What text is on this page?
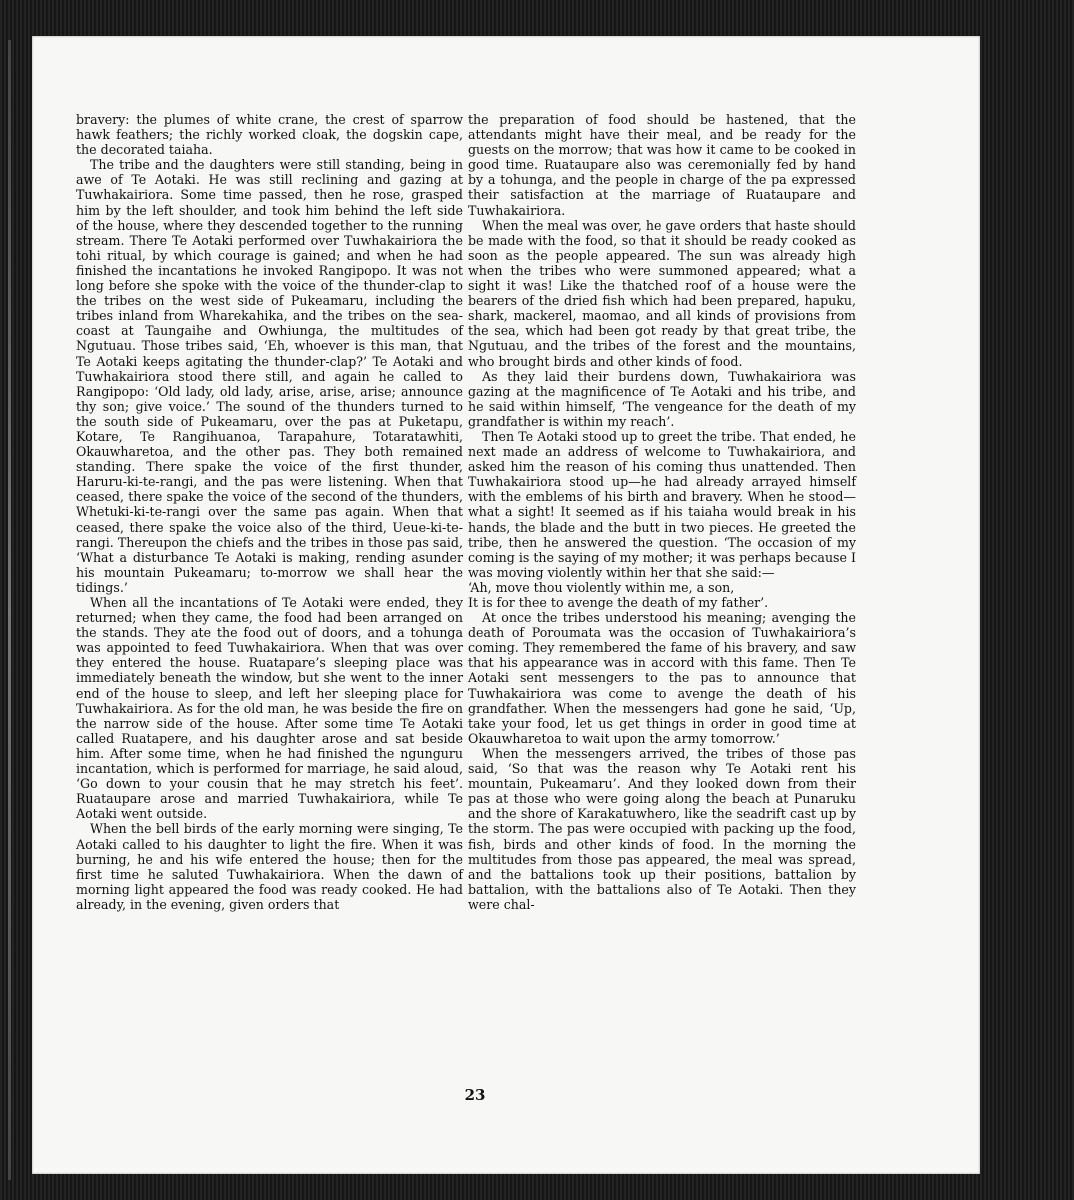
bravery: the plumes of white crane, the crest of sparrow hawk feathers; the richly worked cloak, the dogskin cape, the decorated taiaha.

The tribe and the daughters were still standing, being in awe of Te Aotaki. He was still reclining and gazing at Tuwhakairiora. Some time passed, then he rose, grasped him by the left shoulder, and took him behind the left side of the house, where they descended together to the running stream. There Te Aotaki performed over Tuwhakairiora the tohi ritual, by which courage is gained; and when he had finished the incantations he invoked Rangipopo. It was not long before she spoke with the voice of the thunder-clap to the tribes on the west side of Pukeamaru, including the tribes inland from Wharekahika, and the tribes on the sea-coast at Taungaihe and Owhiunga, the multitudes of Ngutuau. Those tribes said, ‘Eh, whoever is this man, that Te Aotaki keeps agitating the thunder-clap?’ Te Aotaki and Tuwhakairiora stood there still, and again he called to Rangipopo: ‘Old lady, old lady, arise, arise, arise; announce thy son; give voice.’ The sound of the thunders turned to the south side of Pukeamaru, over the pas at Puketapu, Kotare, Te Rangihuanoa, Tarapahure, Totaratawhiti, Okauwharetoa, and the other pas. They both remained standing. There spake the voice of the first thunder, Haruru-ki-te-rangi, and the pas were listening. When that ceased, there spake the voice of the second of the thunders, Whetuki-ki-te-rangi over the same pas again. When that ceased, there spake the voice also of the third, Ueue-ki-te-rangi. Thereupon the chiefs and the tribes in those pas said, ‘What a disturbance Te Aotaki is making, rending asunder his mountain Pukeamaru; to-morrow we shall hear the tidings.’

When all the incantations of Te Aotaki were ended, they returned; when they came, the food had been arranged on the stands. They ate the food out of doors, and a tohunga was appointed to feed Tuwhakairiora. When that was over they entered the house. Ruatapare’s sleeping place was immediately beneath the window, but she went to the inner end of the house to sleep, and left her sleeping place for Tuwhakairiora. As for the old man, he was beside the fire on the narrow side of the house. After some time Te Aotaki called Ruatapere, and his daughter arose and sat beside him. After some time, when he had finished the ngunguru incantation, which is performed for marriage, he said aloud, ‘Go down to your cousin that he may stretch his feet’. Ruataupare arose and married Tuwhakairiora, while Te Aotaki went outside.

When the bell birds of the early morning were singing, Te Aotaki called to his daughter to light the fire. When it was burning, he and his wife entered the house; then for the first time he saluted Tuwhakairiora. When the dawn of morning light appeared the food was ready cooked. He had already, in the evening, given orders that

the preparation of food should be hastened, that the attendants might have their meal, and be ready for the guests on the morrow; that was how it came to be cooked in good time. Ruataupare also was ceremonially fed by hand by a tohunga, and the people in charge of the pa expressed their satisfaction at the marriage of Ruataupare and Tuwhakairiora.

When the meal was over, he gave orders that haste should be made with the food, so that it should be ready cooked as soon as the people appeared. The sun was already high when the tribes who were summoned appeared; what a sight it was! Like the thatched roof of a house were the bearers of the dried fish which had been prepared, hapuku, shark, mackerel, maomao, and all kinds of provisions from the sea, which had been got ready by that great tribe, the Ngutuau, and the tribes of the forest and the mountains, who brought birds and other kinds of food.

As they laid their burdens down, Tuwhakairiora was gazing at the magnificence of Te Aotaki and his tribe, and he said within himself, ‘The vengeance for the death of my grandfather is within my reach’.

Then Te Aotaki stood up to greet the tribe. That ended, he next made an address of welcome to Tuwhakairiora, and asked him the reason of his coming thus unattended. Then Tuwhakairiora stood up—he had already arrayed himself with the emblems of his birth and bravery. When he stood—what a sight! It seemed as if his taiaha would break in his hands, the blade and the butt in two pieces. He greeted the tribe, then he answered the question. ‘The occasion of my coming is the saying of my mother; it was perhaps because I was moving violently within her that she said:—

‘Ah, move thou violently within me, a son,

It is for thee to avenge the death of my father’.

At once the tribes understood his meaning; avenging the death of Poroumata was the occasion of Tuwhakairiora’s coming. They remembered the fame of his bravery, and saw that his appearance was in accord with this fame. Then Te Aotaki sent messengers to the pas to announce that Tuwhakairiora was come to avenge the death of his grandfather. When the messengers had gone he said, ‘Up, take your food, let us get things in order in good time at Okauwharetoa to wait upon the army tomorrow.’

When the messengers arrived, the tribes of those pas said, ‘So that was the reason why Te Aotaki rent his mountain, Pukeamaru’. And they looked down from their pas at those who were going along the beach at Punaruku and the shore of Karakatuwhero, like the seadrift cast up by the storm. The pas were occupied with packing up the food, fish, birds and other kinds of food. In the morning the multitudes from those pas appeared, the meal was spread, and the battalions took up their positions, battalion by battalion, with the battalions also of Te Aotaki. Then they were chal-

23
